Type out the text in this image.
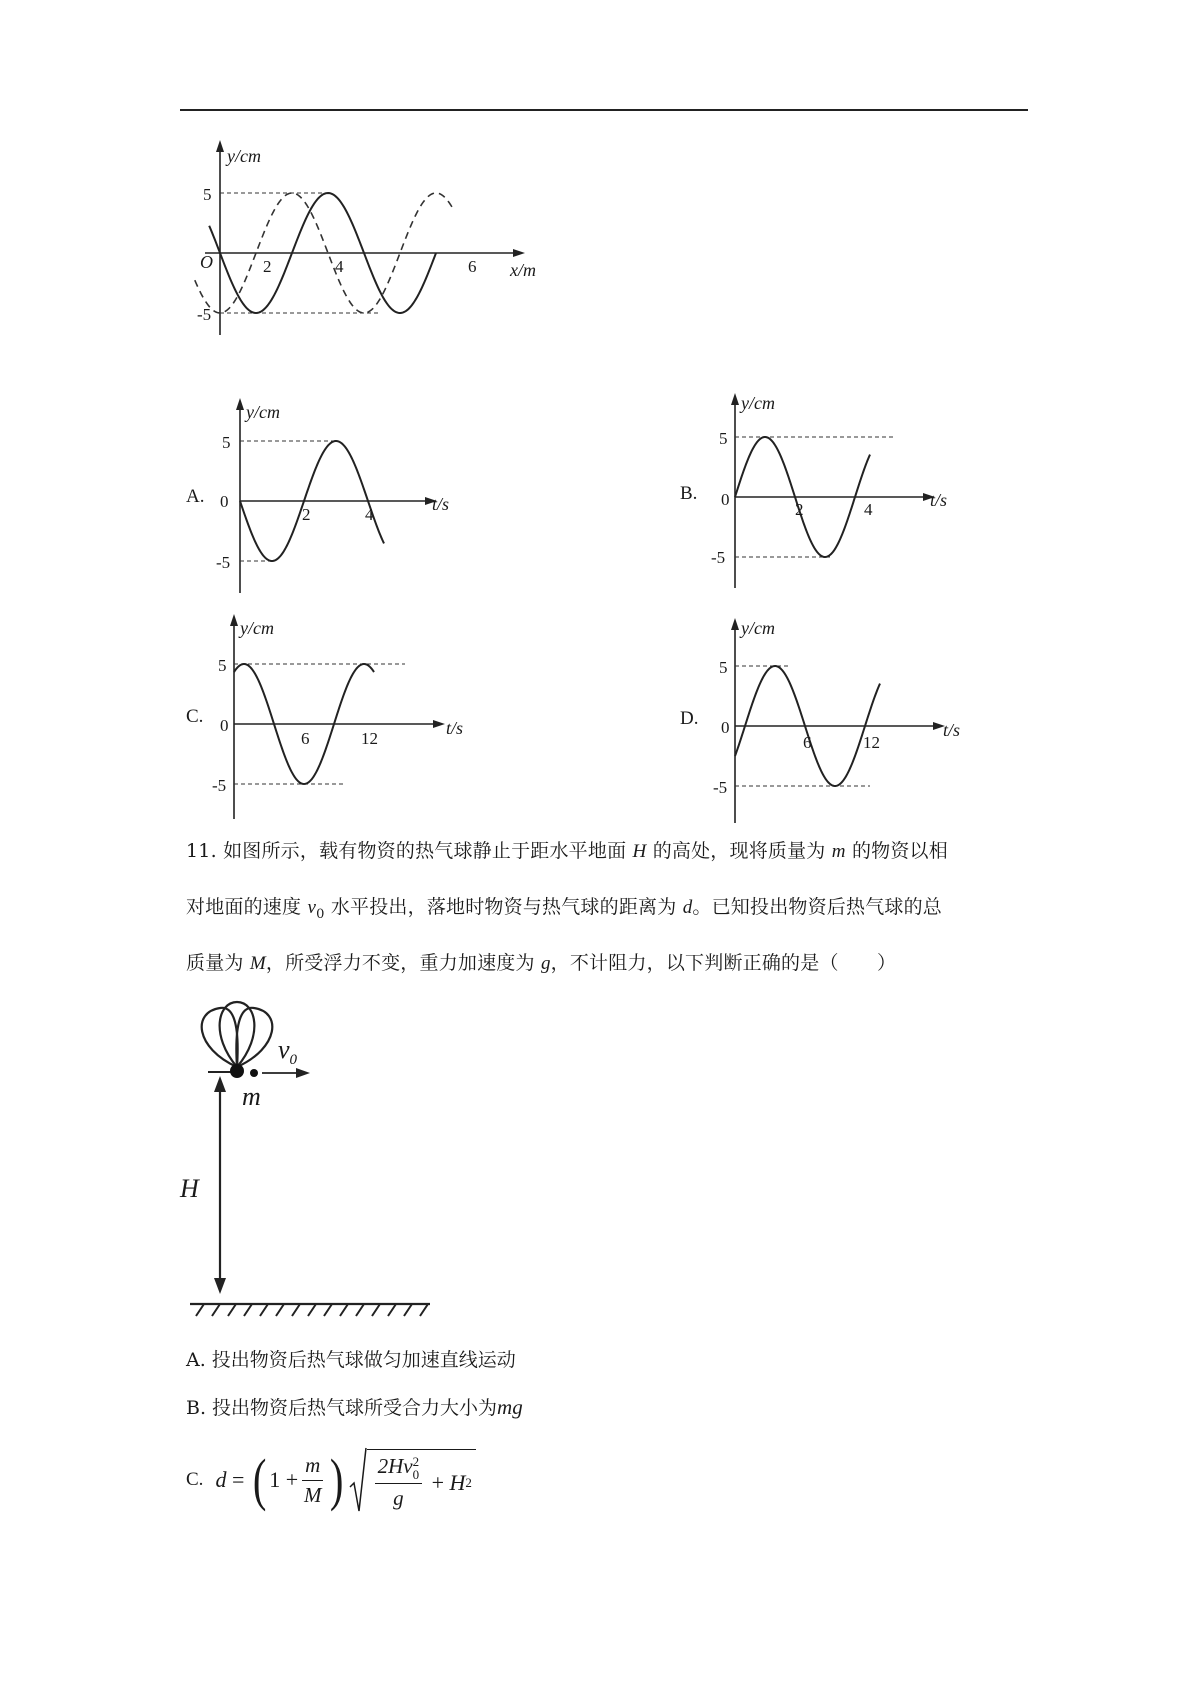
y/cm
O
5
-5
2	4	6 x/m
A.
y/cm
0
5
-5
2	4
t/s	B.
y/cm
0
5
-5
2	4	t/s
C.
y/cm
0
5
-5
6	12
t/s	D.
y/cm
0
5
-5
6	12
t/s
11. 如图所示，载有物资的热气球静止于距水平地面 H 的高处，现将质量为 m 的物资以相
对地面的速度 $v_0$ 水平投出，落地时物资与热气球的距离为 d。已知投出物资后热气球的总
质量为 M，所受浮力不变，重力加速度为 g，不计阻力，以下判断正确的是（　　）
$v_0$
m
H
A. 投出物资后热气球做匀加速直线运动
B. 投出物资后热气球所受合力大小为mg
C. d = ( $1 + \frac{m}{M}$ ) 2Hv 2
0
g + H 2
